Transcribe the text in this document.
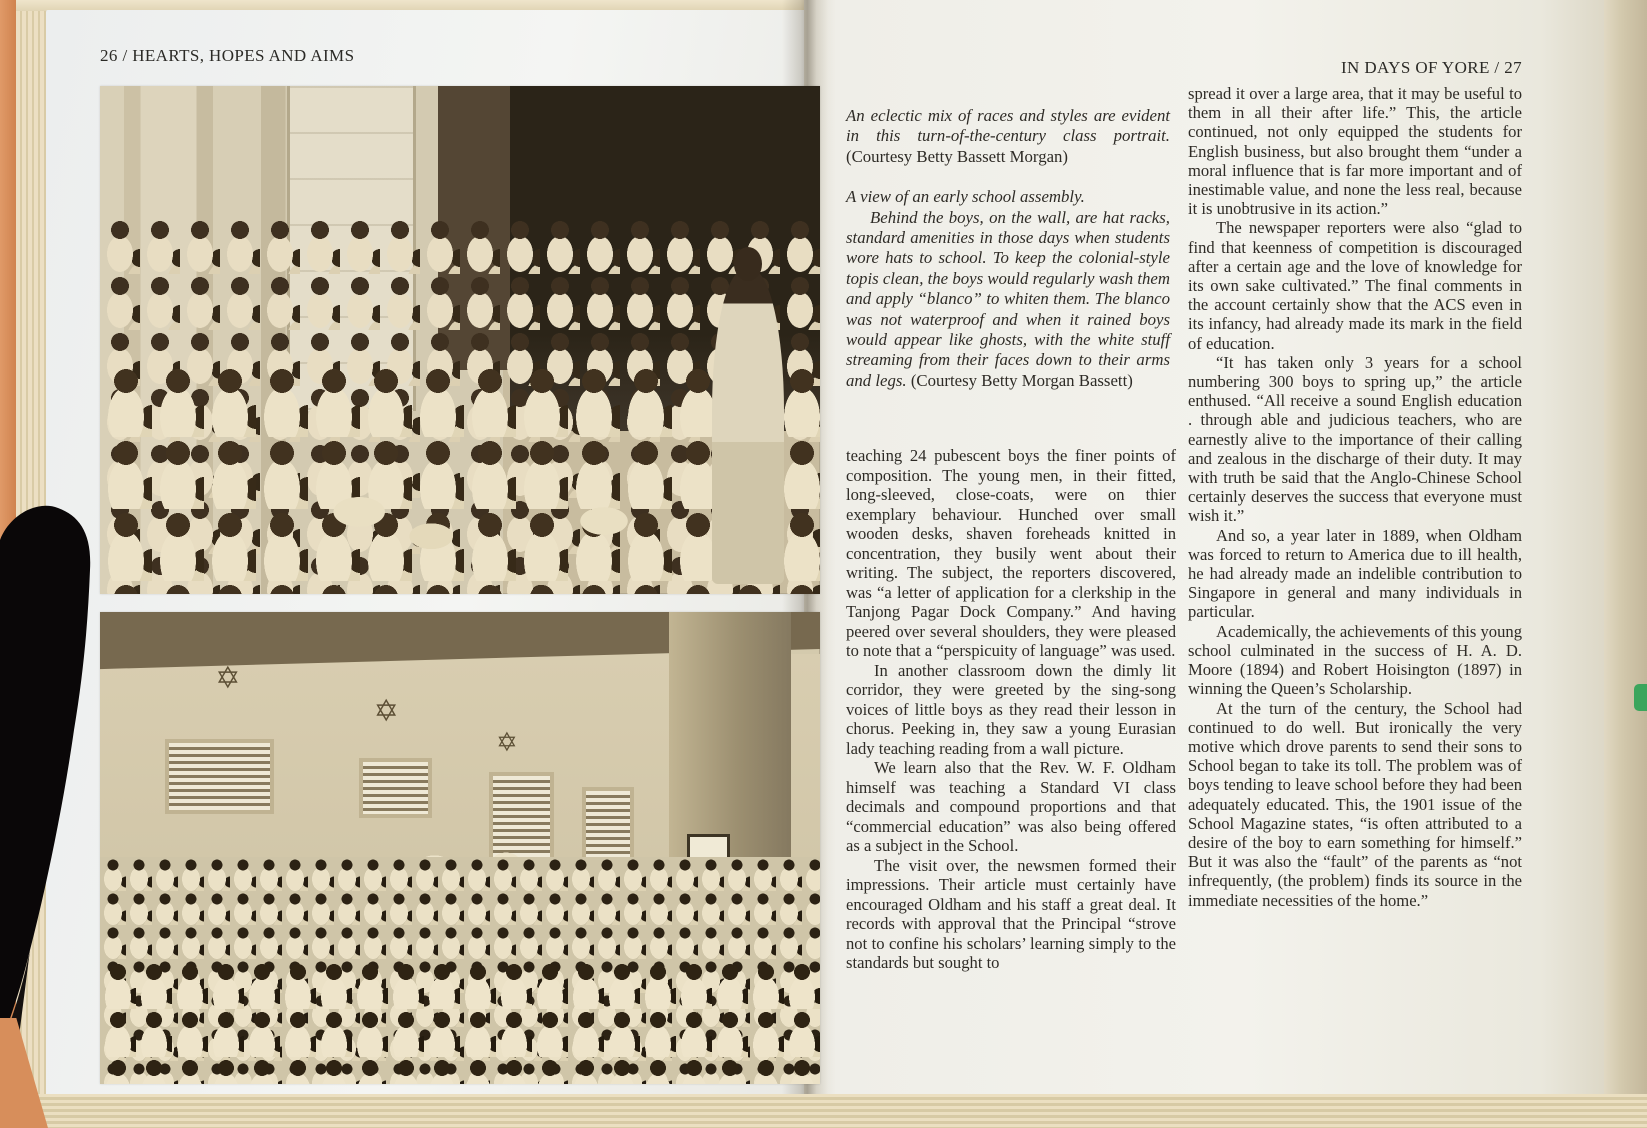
26 / HEARTS, HOPES AND AIMS
✡
✡
✡
IN DAYS OF YORE / 27

An eclectic mix of races and styles are evident in this turn-of-the-century class portrait. (Courtesy Betty Bassett Morgan)

A view of an early school assembly.

Behind the boys, on the wall, are hat racks, standard amenities in those days when students wore hats to school. To keep the colonial-style topis clean, the boys would regularly wash them and apply “blanco” to whiten them. The blanco was not waterproof and when it rained boys would appear like ghosts, with the white stuff streaming from their faces down to their arms and legs. (Courtesy Betty Morgan Bassett)

teaching 24 pubescent boys the finer points of composition. The young men, in their fitted, long-sleeved, close-coats, were on thier exemplary behaviour. Hunched over small wooden desks, shaven foreheads knitted in concentration, they busily went about their writing. The subject, the reporters discovered, was “a letter of application for a clerkship in the Tanjong Pagar Dock Company.” And having peered over several shoulders, they were pleased to note that a “perspicuity of language” was used.

In another classroom down the dimly lit corridor, they were greeted by the sing-song voices of little boys as they read their lesson in chorus. Peeking in, they saw a young Eurasian lady teaching reading from a wall picture.

We learn also that the Rev. W. F. Oldham himself was teaching a Standard VI class decimals and compound proportions and that “commercial education” was also being offered as a subject in the School.

The visit over, the newsmen formed their impressions. Their article must certainly have encouraged Oldham and his staff a great deal. It records with approval that the Principal “strove not to confine his scholars’ learning simply to the standards but sought to

spread it over a large area, that it may be useful to them in all their after life.” This, the article continued, not only equipped the students for English business, but also brought them “under a moral influence that is far more important and of inestimable value, and none the less real, because it is unobtrusive in its action.”

The newspaper reporters were also “glad to find that keenness of competition is discouraged after a certain age and the love of knowledge for its own sake cultivated.” The final comments in the account certainly show that the ACS even in its infancy, had already made its mark in the field of education.

“It has taken only 3 years for a school numbering 300 boys to spring up,” the article enthused. “All receive a sound English education . through able and judicious teachers, who are earnestly alive to the importance of their calling and zealous in the discharge of their duty. It may with truth be said that the Anglo-Chinese School certainly deserves the success that everyone must wish it.”

And so, a year later in 1889, when Oldham was forced to return to America due to ill health, he had already made an indelible contribution to Singapore in general and many individuals in particular.

Academically, the achievements of this young school culminated in the success of H. A. D. Moore (1894) and Robert Hoisington (1897) in winning the Queen’s Scholarship.

At the turn of the century, the School had continued to do well. But ironically the very motive which drove parents to send their sons to School began to take its toll. The problem was of boys tending to leave school before they had been adequately educated. This, the 1901 issue of the School Magazine states, “is often attributed to a desire of the boy to earn something for himself.” But it was also the “fault” of the parents as “not infrequently, (the problem) finds its source in the immediate necessities of the home.”
